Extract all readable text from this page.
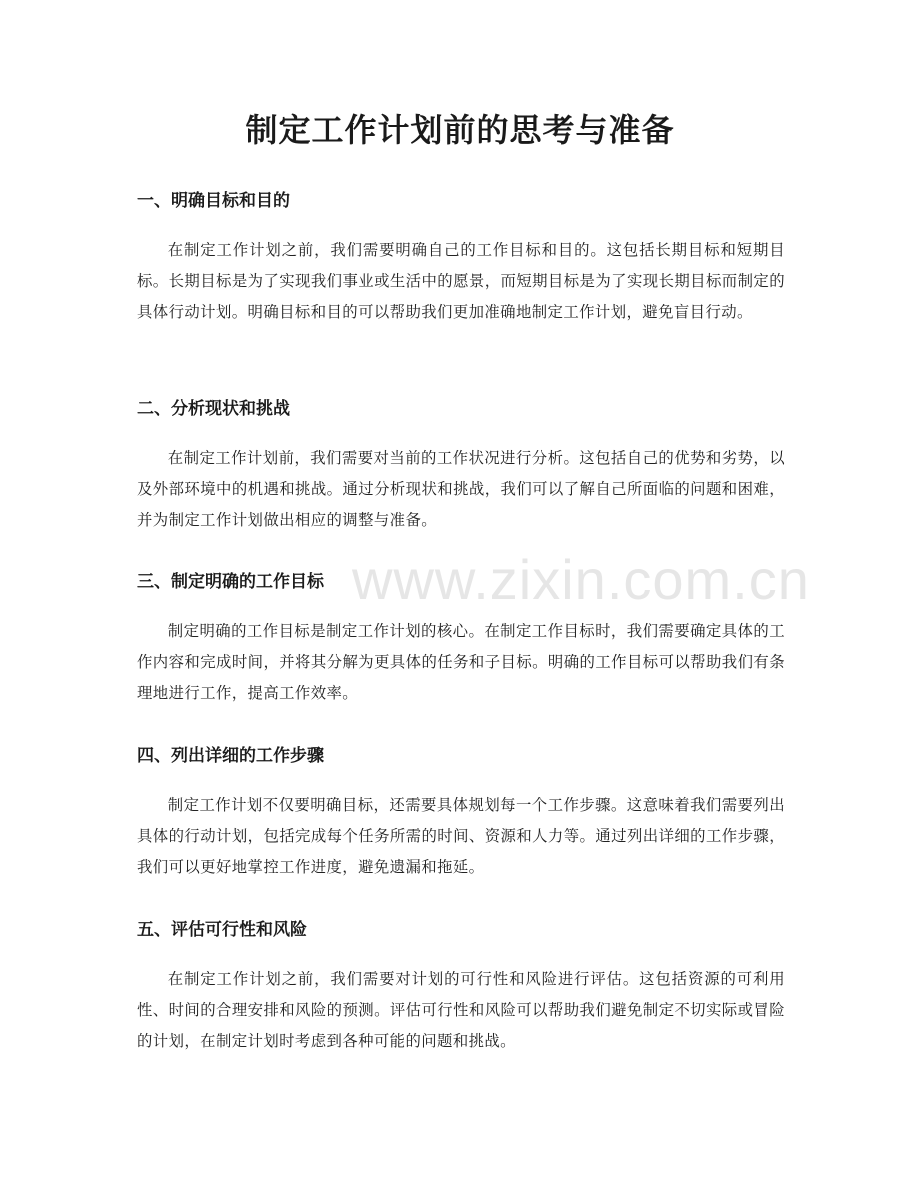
制定工作计划前的思考与准备
一、明确目标和目的

在制定工作计划之前，我们需要明确自己的工作目标和目的。这包括长期目标和短期目标。长期目标是为了实现我们事业或生活中的愿景，而短期目标是为了实现长期目标而制定的具体行动计划。明确目标和目的可以帮助我们更加准确地制定工作计划，避免盲目行动。

二、分析现状和挑战

在制定工作计划前，我们需要对当前的工作状况进行分析。这包括自己的优势和劣势，以及外部环境中的机遇和挑战。通过分析现状和挑战，我们可以了解自己所面临的问题和困难，并为制定工作计划做出相应的调整与准备。

三、制定明确的工作目标

制定明确的工作目标是制定工作计划的核心。在制定工作目标时，我们需要确定具体的工作内容和完成时间，并将其分解为更具体的任务和子目标。明确的工作目标可以帮助我们有条理地进行工作，提高工作效率。

四、列出详细的工作步骤

制定工作计划不仅要明确目标，还需要具体规划每一个工作步骤。这意味着我们需要列出具体的行动计划，包括完成每个任务所需的时间、资源和人力等。通过列出详细的工作步骤，我们可以更好地掌控工作进度，避免遗漏和拖延。

五、评估可行性和风险

在制定工作计划之前，我们需要对计划的可行性和风险进行评估。这包括资源的可利用性、时间的合理安排和风险的预测。评估可行性和风险可以帮助我们避免制定不切实际或冒险的计划，在制定计划时考虑到各种可能的问题和挑战。

www.zixin.com.cn
